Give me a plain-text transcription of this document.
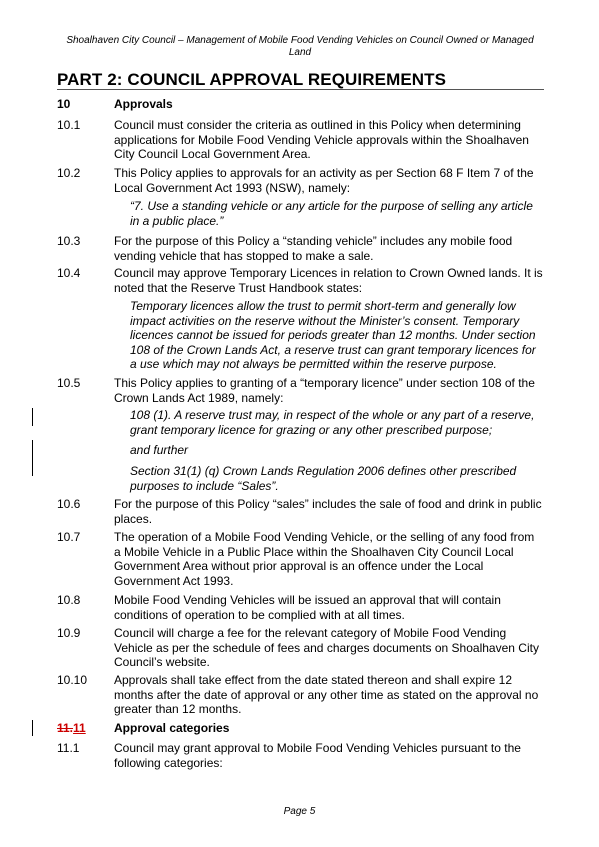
Shoalhaven City Council – Management of Mobile Food Vending Vehicles on Council Owned or Managed Land
PART 2: COUNCIL APPROVAL REQUIREMENTS
10	Approvals
10.1	Council must consider the criteria as outlined in this Policy when determining applications for Mobile Food Vending Vehicle approvals within the Shoalhaven City Council Local Government Area.
10.2	This Policy applies to approvals for an activity as per Section 68 F Item 7 of the Local Government Act 1993 (NSW), namely:
“7. Use a standing vehicle or any article for the purpose of selling any article in a public place.”
10.3	For the purpose of this Policy a “standing vehicle” includes any mobile food vending vehicle that has stopped to make a sale.
10.4	Council may approve Temporary Licences in relation to Crown Owned lands. It is noted that the Reserve Trust Handbook states:
Temporary licences allow the trust to permit short-term and generally low impact activities on the reserve without the Minister’s consent. Temporary licences cannot be issued for periods greater than 12 months. Under section 108 of the Crown Lands Act, a reserve trust can grant temporary licences for a use which may not always be permitted within the reserve purpose.
10.5	This Policy applies to granting of a “temporary licence” under section 108 of the Crown Lands Act 1989, namely:
108 (1). A reserve trust may, in respect of the whole or any part of a reserve, grant temporary licence for grazing or any other prescribed purpose;
and further
Section 31(1) (q) Crown Lands Regulation 2006 defines other prescribed purposes to include “Sales”.
10.6	For the purpose of this Policy “sales” includes the sale of food and drink in public places.
10.7	The operation of a Mobile Food Vending Vehicle, or the selling of any food from a Mobile Vehicle in a Public Place within the Shoalhaven City Council Local Government Area without prior approval is an offence under the Local Government Act 1993.
10.8	Mobile Food Vending Vehicles will be issued an approval that will contain conditions of operation to be complied with at all times.
10.9	Council will charge a fee for the relevant category of Mobile Food Vending Vehicle as per the schedule of fees and charges documents on Shoalhaven City Council’s website.
10.10 Approvals shall take effect from the date stated thereon and shall expire 12 months after the date of approval or any other time as stated on the approval no greater than 12 months.
11.11	Approval categories
11.1	Council may grant approval to Mobile Food Vending Vehicles pursuant to the following categories:
Page 5
